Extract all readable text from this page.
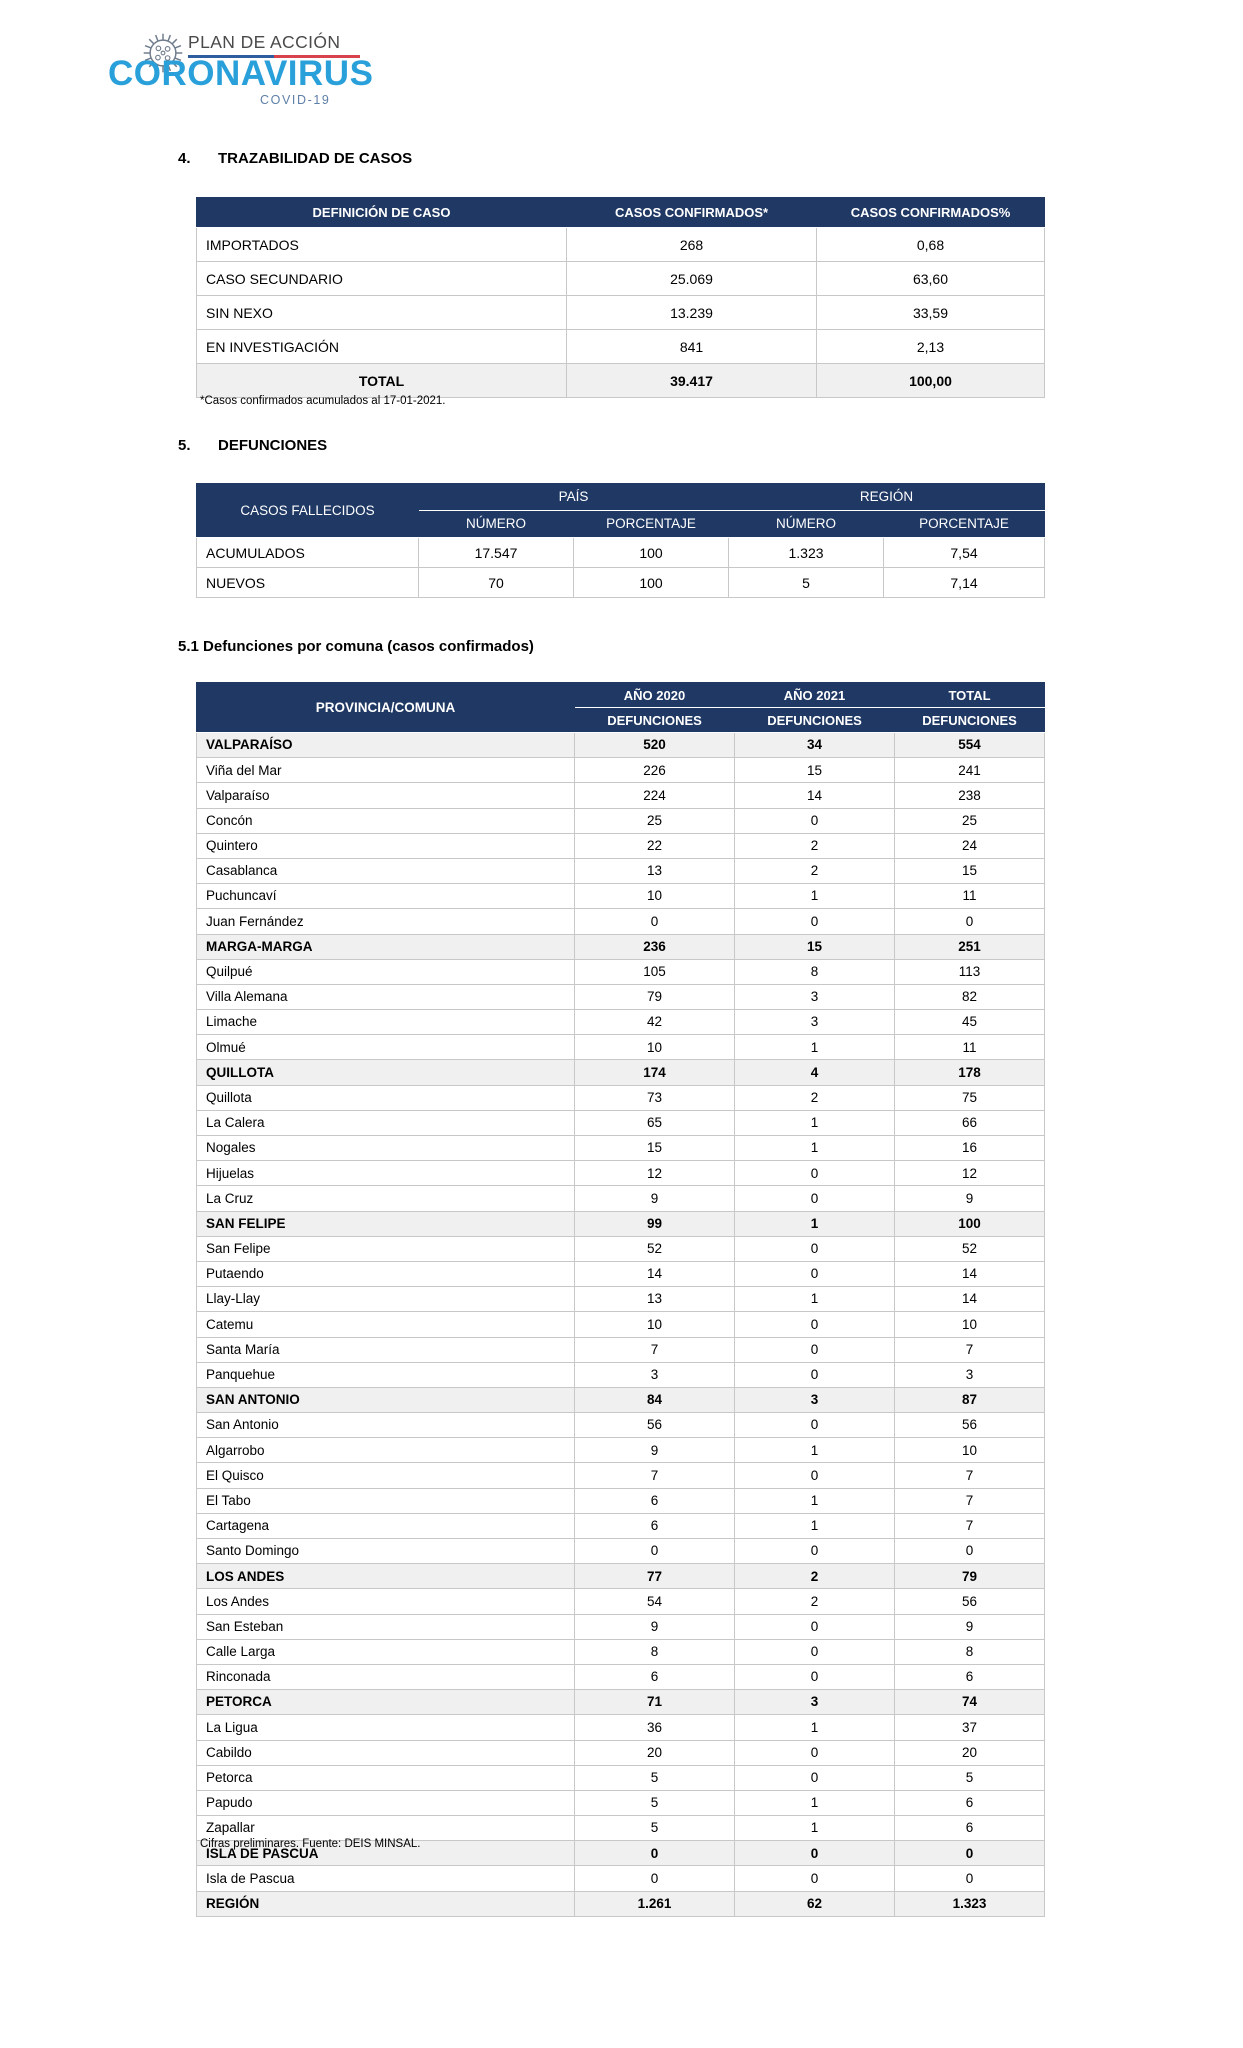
PLAN DE ACCIÓN
CORONAVIRUS
COVID-19
4. TRAZABILIDAD DE CASOS
DEFINICIÓN DE CASO	CASOS CONFIRMADOS*	CASOS CONFIRMADOS%
IMPORTADOS	268	0,68
CASO SECUNDARIO	25.069	63,60
SIN NEXO	13.239	33,59
EN INVESTIGACIÓN	841	2,13
TOTAL	39.417	100,00
*Casos confirmados acumulados al 17-01-2021.
5. DEFUNCIONES
CASOS FALLECIDOS	PAÍS		REGIÓN	
	NÚMERO	PORCENTAJE	NÚMERO	PORCENTAJE
ACUMULADOS	17.547	100	1.323	7,54
NUEVOS	70	100	5	7,14
5.1 Defunciones por comuna (casos confirmados)
PROVINCIA/COMUNA	AÑO 2020	AÑO 2021	TOTAL
	DEFUNCIONES	DEFUNCIONES	DEFUNCIONES
VALPARAÍSO	520	34	554
Viña del Mar	226	15	241
Valparaíso	224	14	238
Concón	25	0	25
Quintero	22	2	24
Casablanca	13	2	15
Puchuncaví	10	1	11
Juan Fernández	0	0	0
MARGA-MARGA	236	15	251
Quilpué	105	8	113
Villa Alemana	79	3	82
Limache	42	3	45
Olmué	10	1	11
QUILLOTA	174	4	178
Quillota	73	2	75
La Calera	65	1	66
Nogales	15	1	16
Hijuelas	12	0	12
La Cruz	9	0	9
SAN FELIPE	99	1	100
San Felipe	52	0	52
Putaendo	14	0	14
Llay-Llay	13	1	14
Catemu	10	0	10
Santa María	7	0	7
Panquehue	3	0	3
SAN ANTONIO	84	3	87
San Antonio	56	0	56
Algarrobo	9	1	10
El Quisco	7	0	7
El Tabo	6	1	7
Cartagena	6	1	7
Santo Domingo	0	0	0
LOS ANDES	77	2	79
Los Andes	54	2	56
San Esteban	9	0	9
Calle Larga	8	0	8
Rinconada	6	0	6
PETORCA	71	3	74
La Ligua	36	1	37
Cabildo	20	0	20
Petorca	5	0	5
Papudo	5	1	6
Zapallar	5	1	6
ISLA DE PASCUA	0	0	0
Isla de Pascua	0	0	0
REGIÓN	1.261	62	1.323
Cifras preliminares. Fuente: DEIS MINSAL.
